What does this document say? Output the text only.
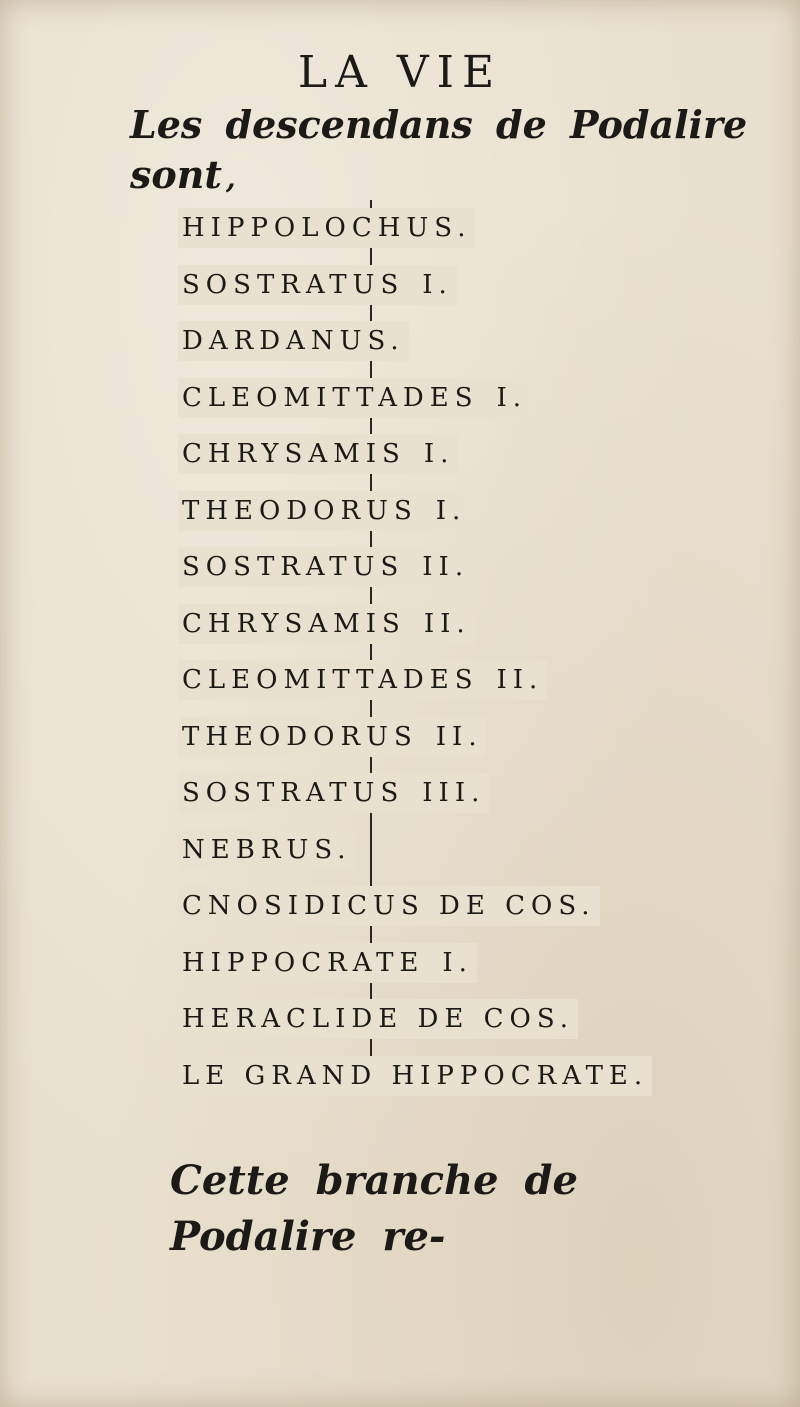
LA VIE
Les descendans de Podalire sont ,
HIPPOLOCHUS.
SOSTRATUS I.
DARDANUS.
CLEOMITTADES I.
CHRYSAMIS I.
THEODORUS I.
SOSTRATUS II.
CHRYSAMIS II.
CLEOMITTADES II.
THEODORUS II.
SOSTRATUS III.
NEBRUS.
CNOSIDICUS DE COS.
HIPPOCRATE I.
HERACLIDE DE COS.
LE GRAND HIPPOCRATE.
Cette branche de Podalire re-
